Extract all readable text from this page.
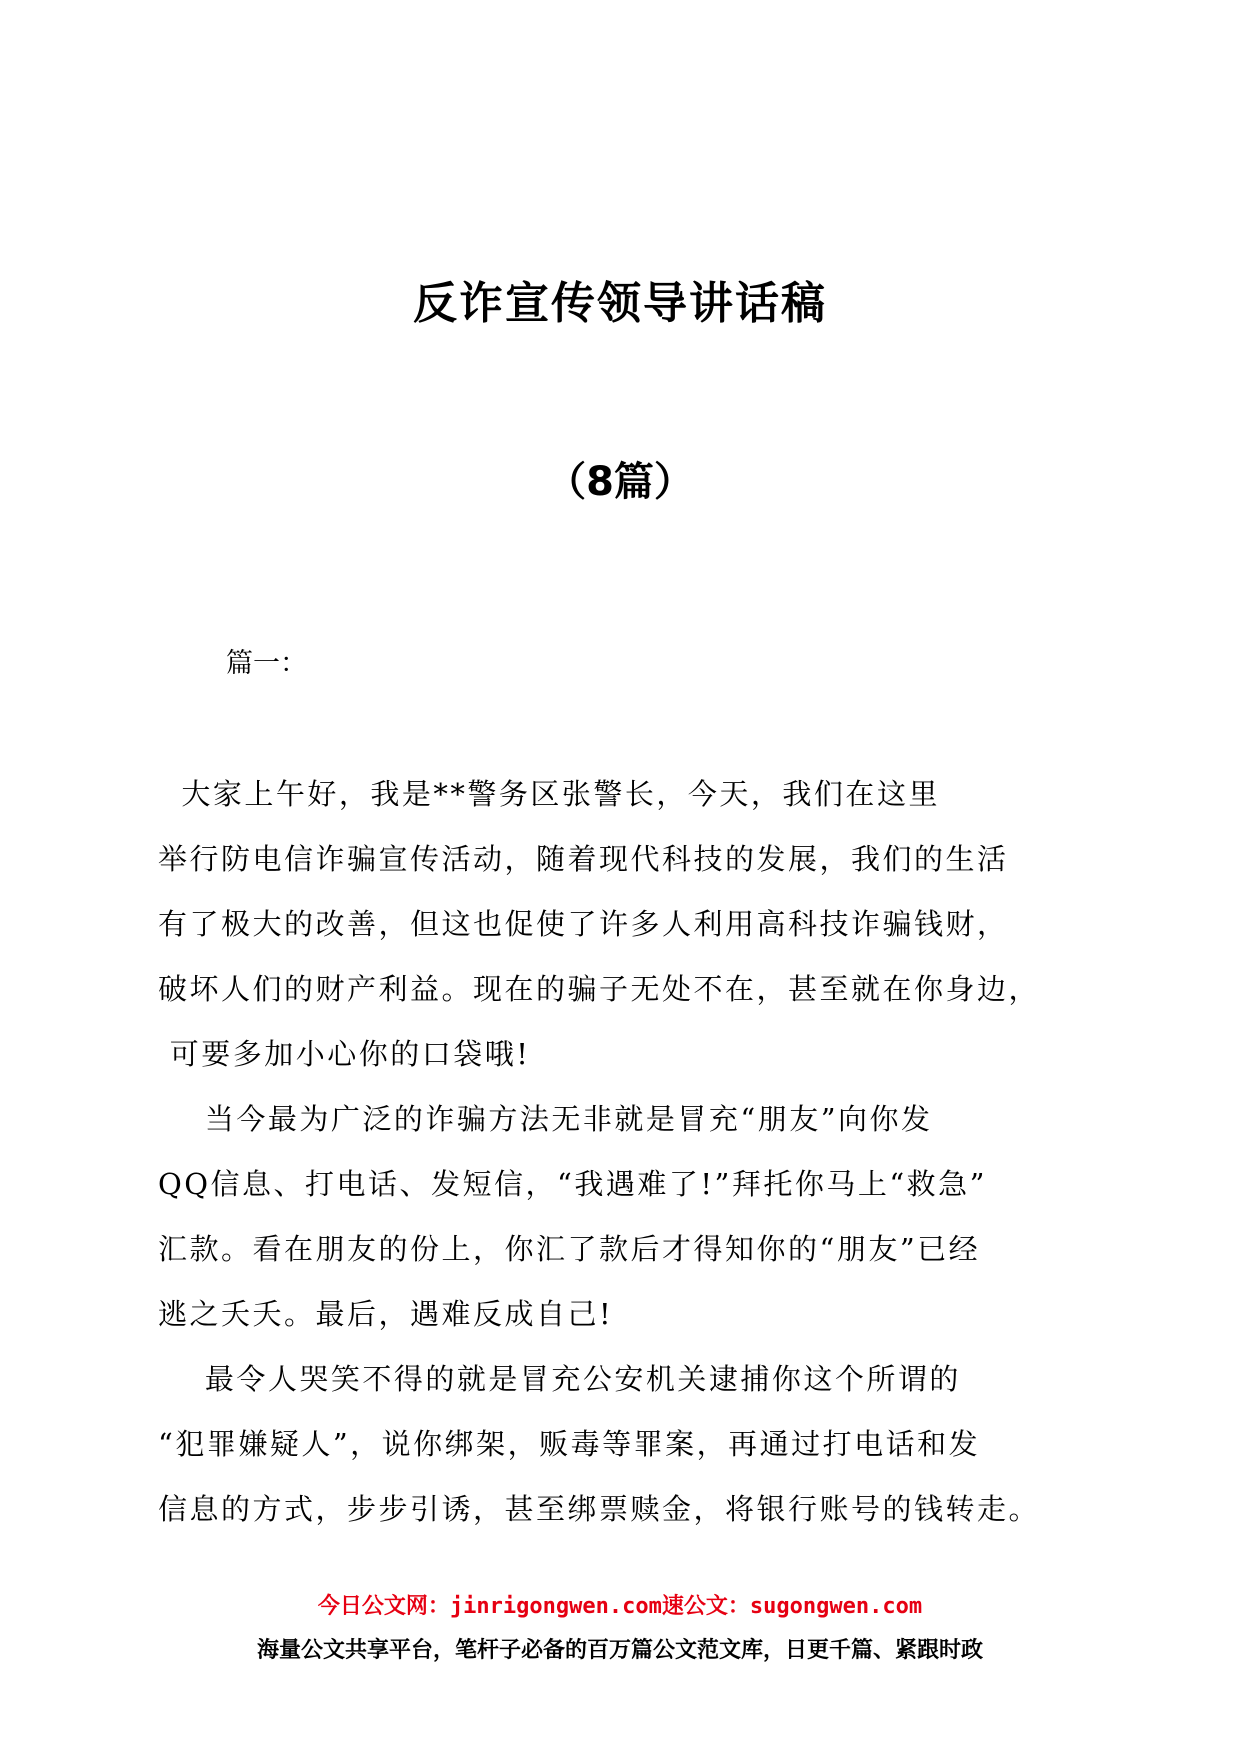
反诈宣传领导讲话稿
（8篇）

篇一：

大家上午好，我是**警务区张警长，今天，我们在这里

举行防电信诈骗宣传活动，随着现代科技的发展，我们的生活

有了极大的改善，但这也促使了许多人利用高科技诈骗钱财，

破坏人们的财产利益。现在的骗子无处不在，甚至就在你身边，

可要多加小心你的口袋哦!

当今最为广泛的诈骗方法无非就是冒充“朋友”向你发

QQ信息、打电话、发短信，“我遇难了!”拜托你马上“救急”

汇款。看在朋友的份上，你汇了款后才得知你的“朋友”已经

逃之夭夭。最后，遇难反成自己!

最令人哭笑不得的就是冒充公安机关逮捕你这个所谓的

“犯罪嫌疑人”，说你绑架，贩毒等罪案，再通过打电话和发

信息的方式，步步引诱，甚至绑票赎金，将银行账号的钱转走。

今日公文网：jinrigongwen.com速公文：sugongwen.com

海量公文共享平台，笔杆子必备的百万篇公文范文库，日更千篇、紧跟时政
